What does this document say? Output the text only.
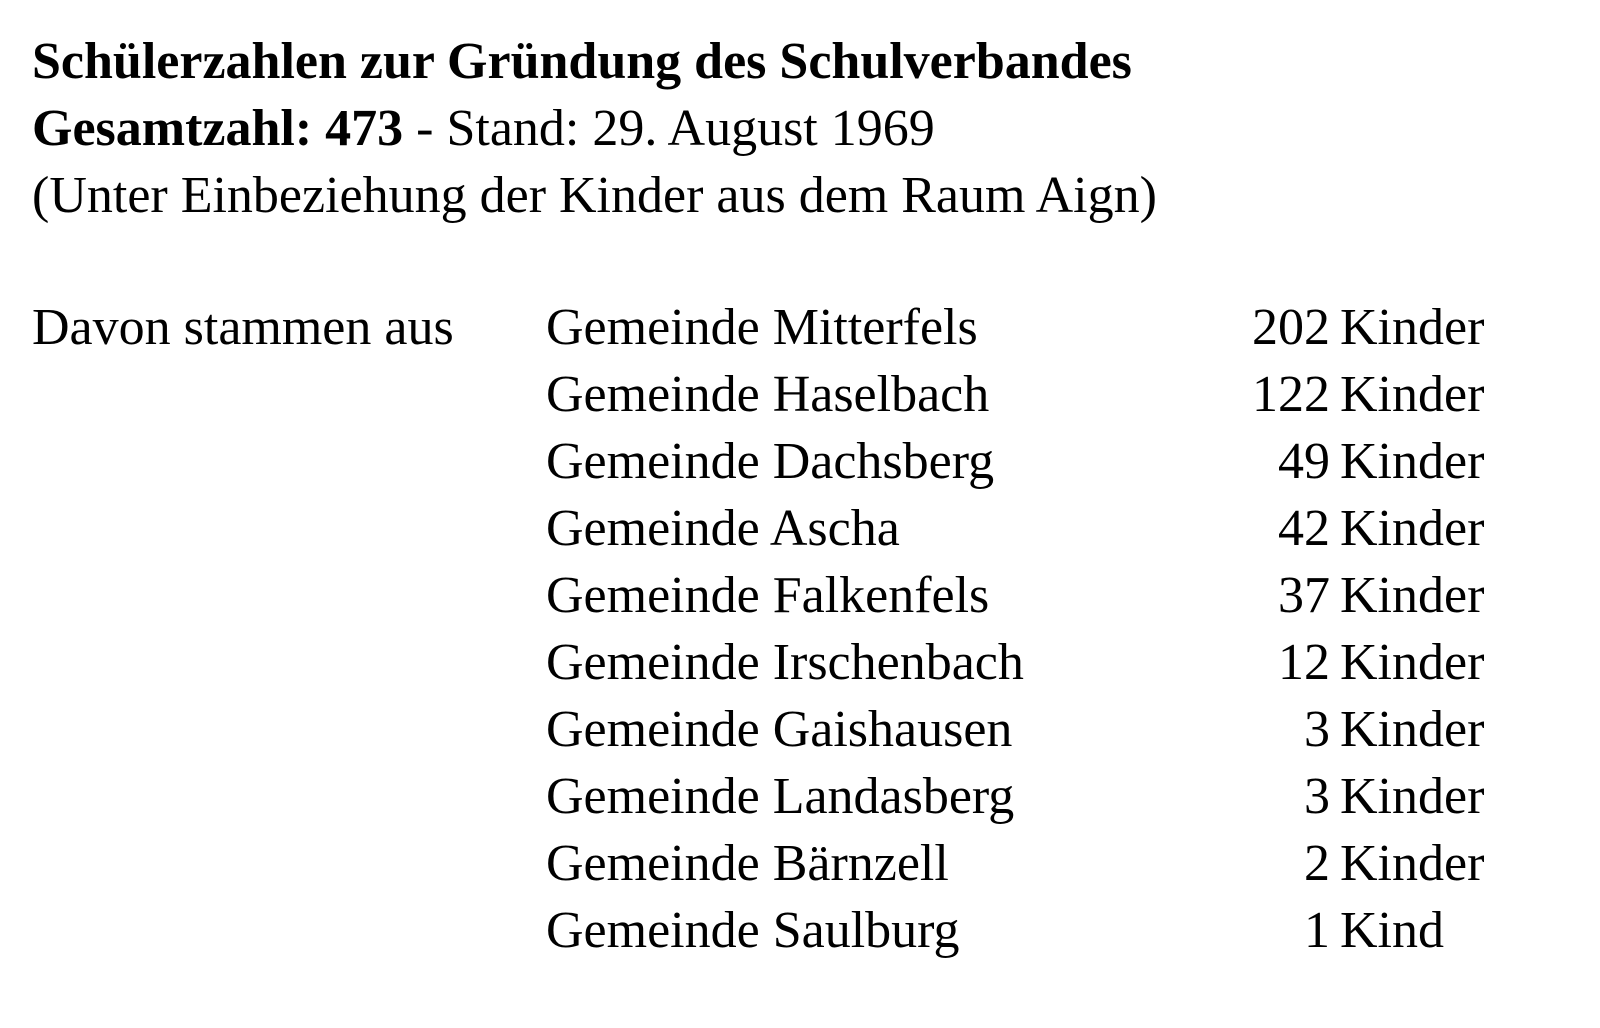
Schülerzahlen zur Gründung des Schulverbandes
Gesamtzahl: 473 - Stand: 29. August 1969
(Unter Einbeziehung der Kinder aus dem Raum Aign)
Davon stammen aus Gemeinde Mitterfels	202 Kinder
Gemeinde Haselbach	122 Kinder
Gemeinde Dachsberg	49 Kinder
Gemeinde Ascha	42 Kinder
Gemeinde Falkenfels	37 Kinder
Gemeinde Irschenbach	12 Kinder
Gemeinde Gaishausen	3 Kinder
Gemeinde Landasberg	3 Kinder
Gemeinde Bärnzell	2 Kinder
Gemeinde Saulburg	1 Kind
